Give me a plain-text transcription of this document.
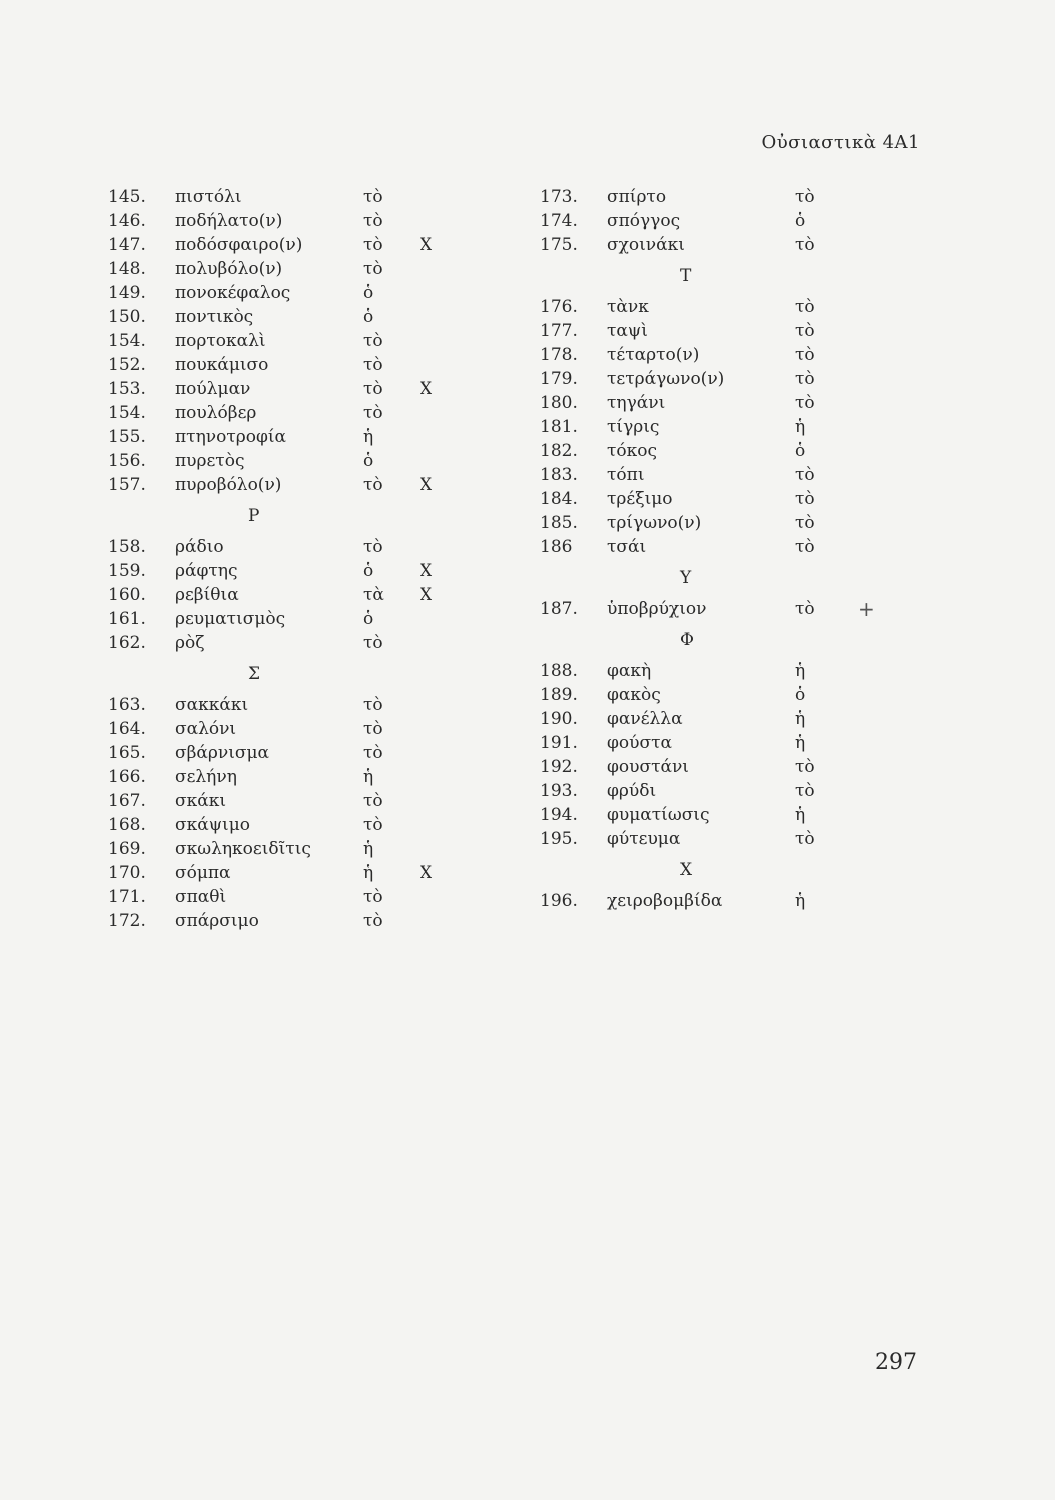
Οὐσιαστικὰ 4Α1
145. πιστόλι	τὸ
146. ποδήλατο(ν)	τὸ
147. ποδόσφαιρο(ν)	τὸ Χ
148. πολυβόλο(ν)	τὸ
149. πονοκέφαλος	ὁ
150. ποντικὸς	ὁ
154. πορτοκαλὶ	τὸ
152. πουκάμισο	τὸ
153. πούλμαν	τὸ Χ
154. πουλόβερ	τὸ
155. πτηνοτροφία	ἡ
156. πυρετὸς	ὁ
157. πυροβόλο(ν)	τὸ Χ
Ρ
158. ράδιο	τὸ
159. ράφτης	ὁ	Χ
160. ρεβίθια	τὰ Χ
161. ρευματισμὸς	ὁ
162. ρὸζ	τὸ
Σ
163. σακκάκι	τὸ
164. σαλόνι	τὸ
165. σβάρνισμα	τὸ
166. σελήνη	ἡ
167. σκάκι	τὸ
168. σκάψιμο	τὸ
169. σκωληκοειδῖτις	ἡ
170. σόμπα	ἡ	Χ
171. σπαθὶ	τὸ
172. σπάρσιμο	τὸ
173. σπίρτο	τὸ
174. σπόγγος	ὁ
175. σχοινάκι	τὸ
Τ
176. τὰνκ	τὸ
177. ταψὶ	τὸ
178. τέταρτο(ν)	τὸ
179. τετράγωνο(ν)	τὸ
180. τηγάνι	τὸ
181. τίγρις	ἡ
182. τόκος	ὁ
183. τόπι	τὸ
184. τρέξιμο	τὸ
185. τρίγωνο(ν)	τὸ
186 τσάι	τὸ
Υ
187. ὑποβρύχιον	τὸ +
Φ
188. φακὴ	ἡ
189. φακὸς	ὁ
190. φανέλλα	ἡ
191. φούστα	ἡ
192. φουστάνι	τὸ
193. φρύδι	τὸ
194. φυματίωσις	ἡ
195. φύτευμα	τὸ
Χ
196. χειροβομβίδα	ἡ
297
